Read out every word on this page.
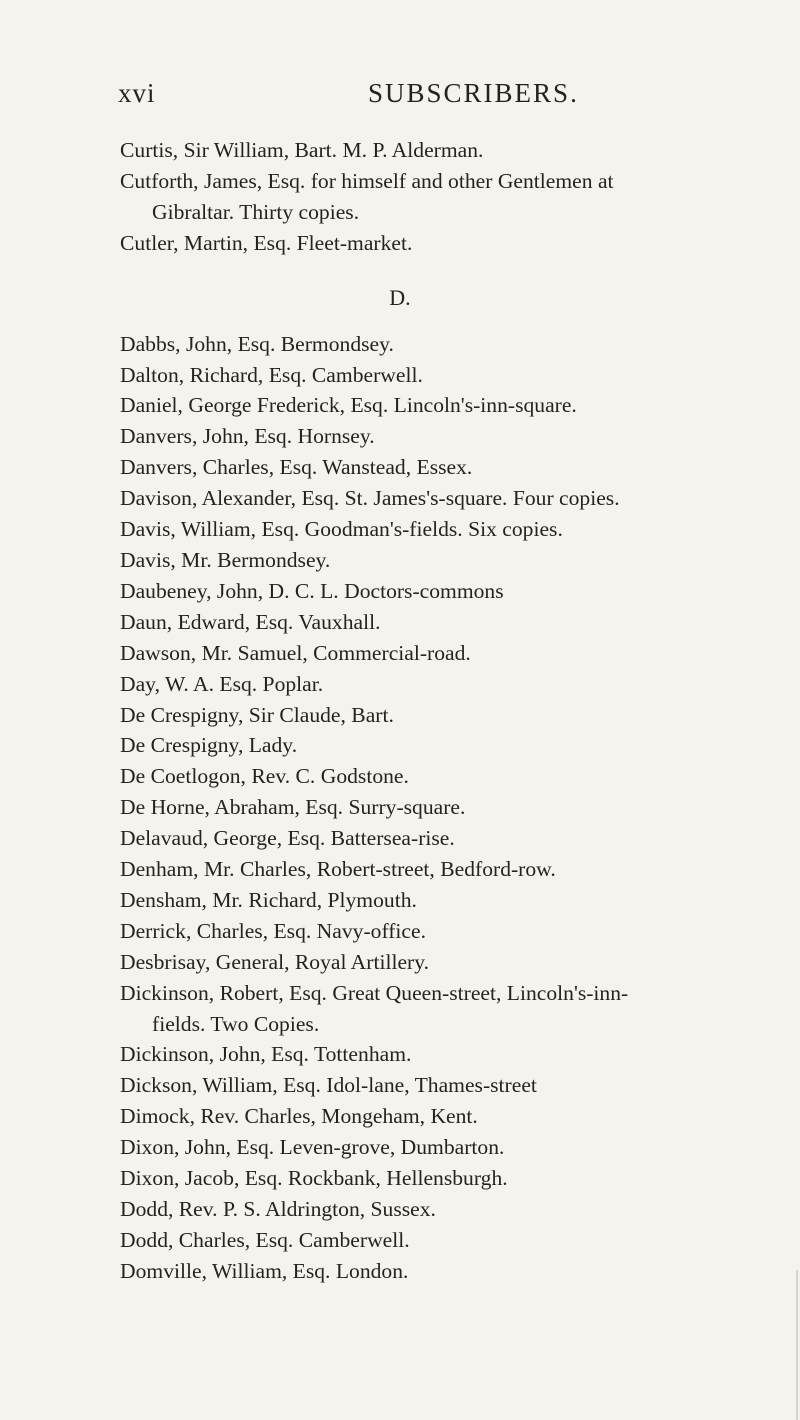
xvi	SUBSCRIBERS.

Curtis, Sir William, Bart. M. P. Alderman.

Cutforth, James, Esq. for himself and other Gentlemen at Gibraltar. Thirty copies.

Cutler, Martin, Esq. Fleet-market.

D.

Dabbs, John, Esq. Bermondsey.

Dalton, Richard, Esq. Camberwell.

Daniel, George Frederick, Esq. Lincoln's-inn-square.

Danvers, John, Esq. Hornsey.

Danvers, Charles, Esq. Wanstead, Essex.

Davison, Alexander, Esq. St. James's-square. Four copies.

Davis, William, Esq. Goodman's-fields. Six copies.

Davis, Mr. Bermondsey.

Daubeney, John, D. C. L. Doctors-commons

Daun, Edward, Esq. Vauxhall.

Dawson, Mr. Samuel, Commercial-road.

Day, W. A. Esq. Poplar.

De Crespigny, Sir Claude, Bart.

De Crespigny, Lady.

De Coetlogon, Rev. C. Godstone.

De Horne, Abraham, Esq. Surry-square.

Delavaud, George, Esq. Battersea-rise.

Denham, Mr. Charles, Robert-street, Bedford-row.

Densham, Mr. Richard, Plymouth.

Derrick, Charles, Esq. Navy-office.

Desbrisay, General, Royal Artillery.

Dickinson, Robert, Esq. Great Queen-street, Lincoln's-inn-fields. Two Copies.

Dickinson, John, Esq. Tottenham.

Dickson, William, Esq. Idol-lane, Thames-street

Dimock, Rev. Charles, Mongeham, Kent.

Dixon, John, Esq. Leven-grove, Dumbarton.

Dixon, Jacob, Esq. Rockbank, Hellensburgh.

Dodd, Rev. P. S. Aldrington, Sussex.

Dodd, Charles, Esq. Camberwell.

Domville, William, Esq. London.
